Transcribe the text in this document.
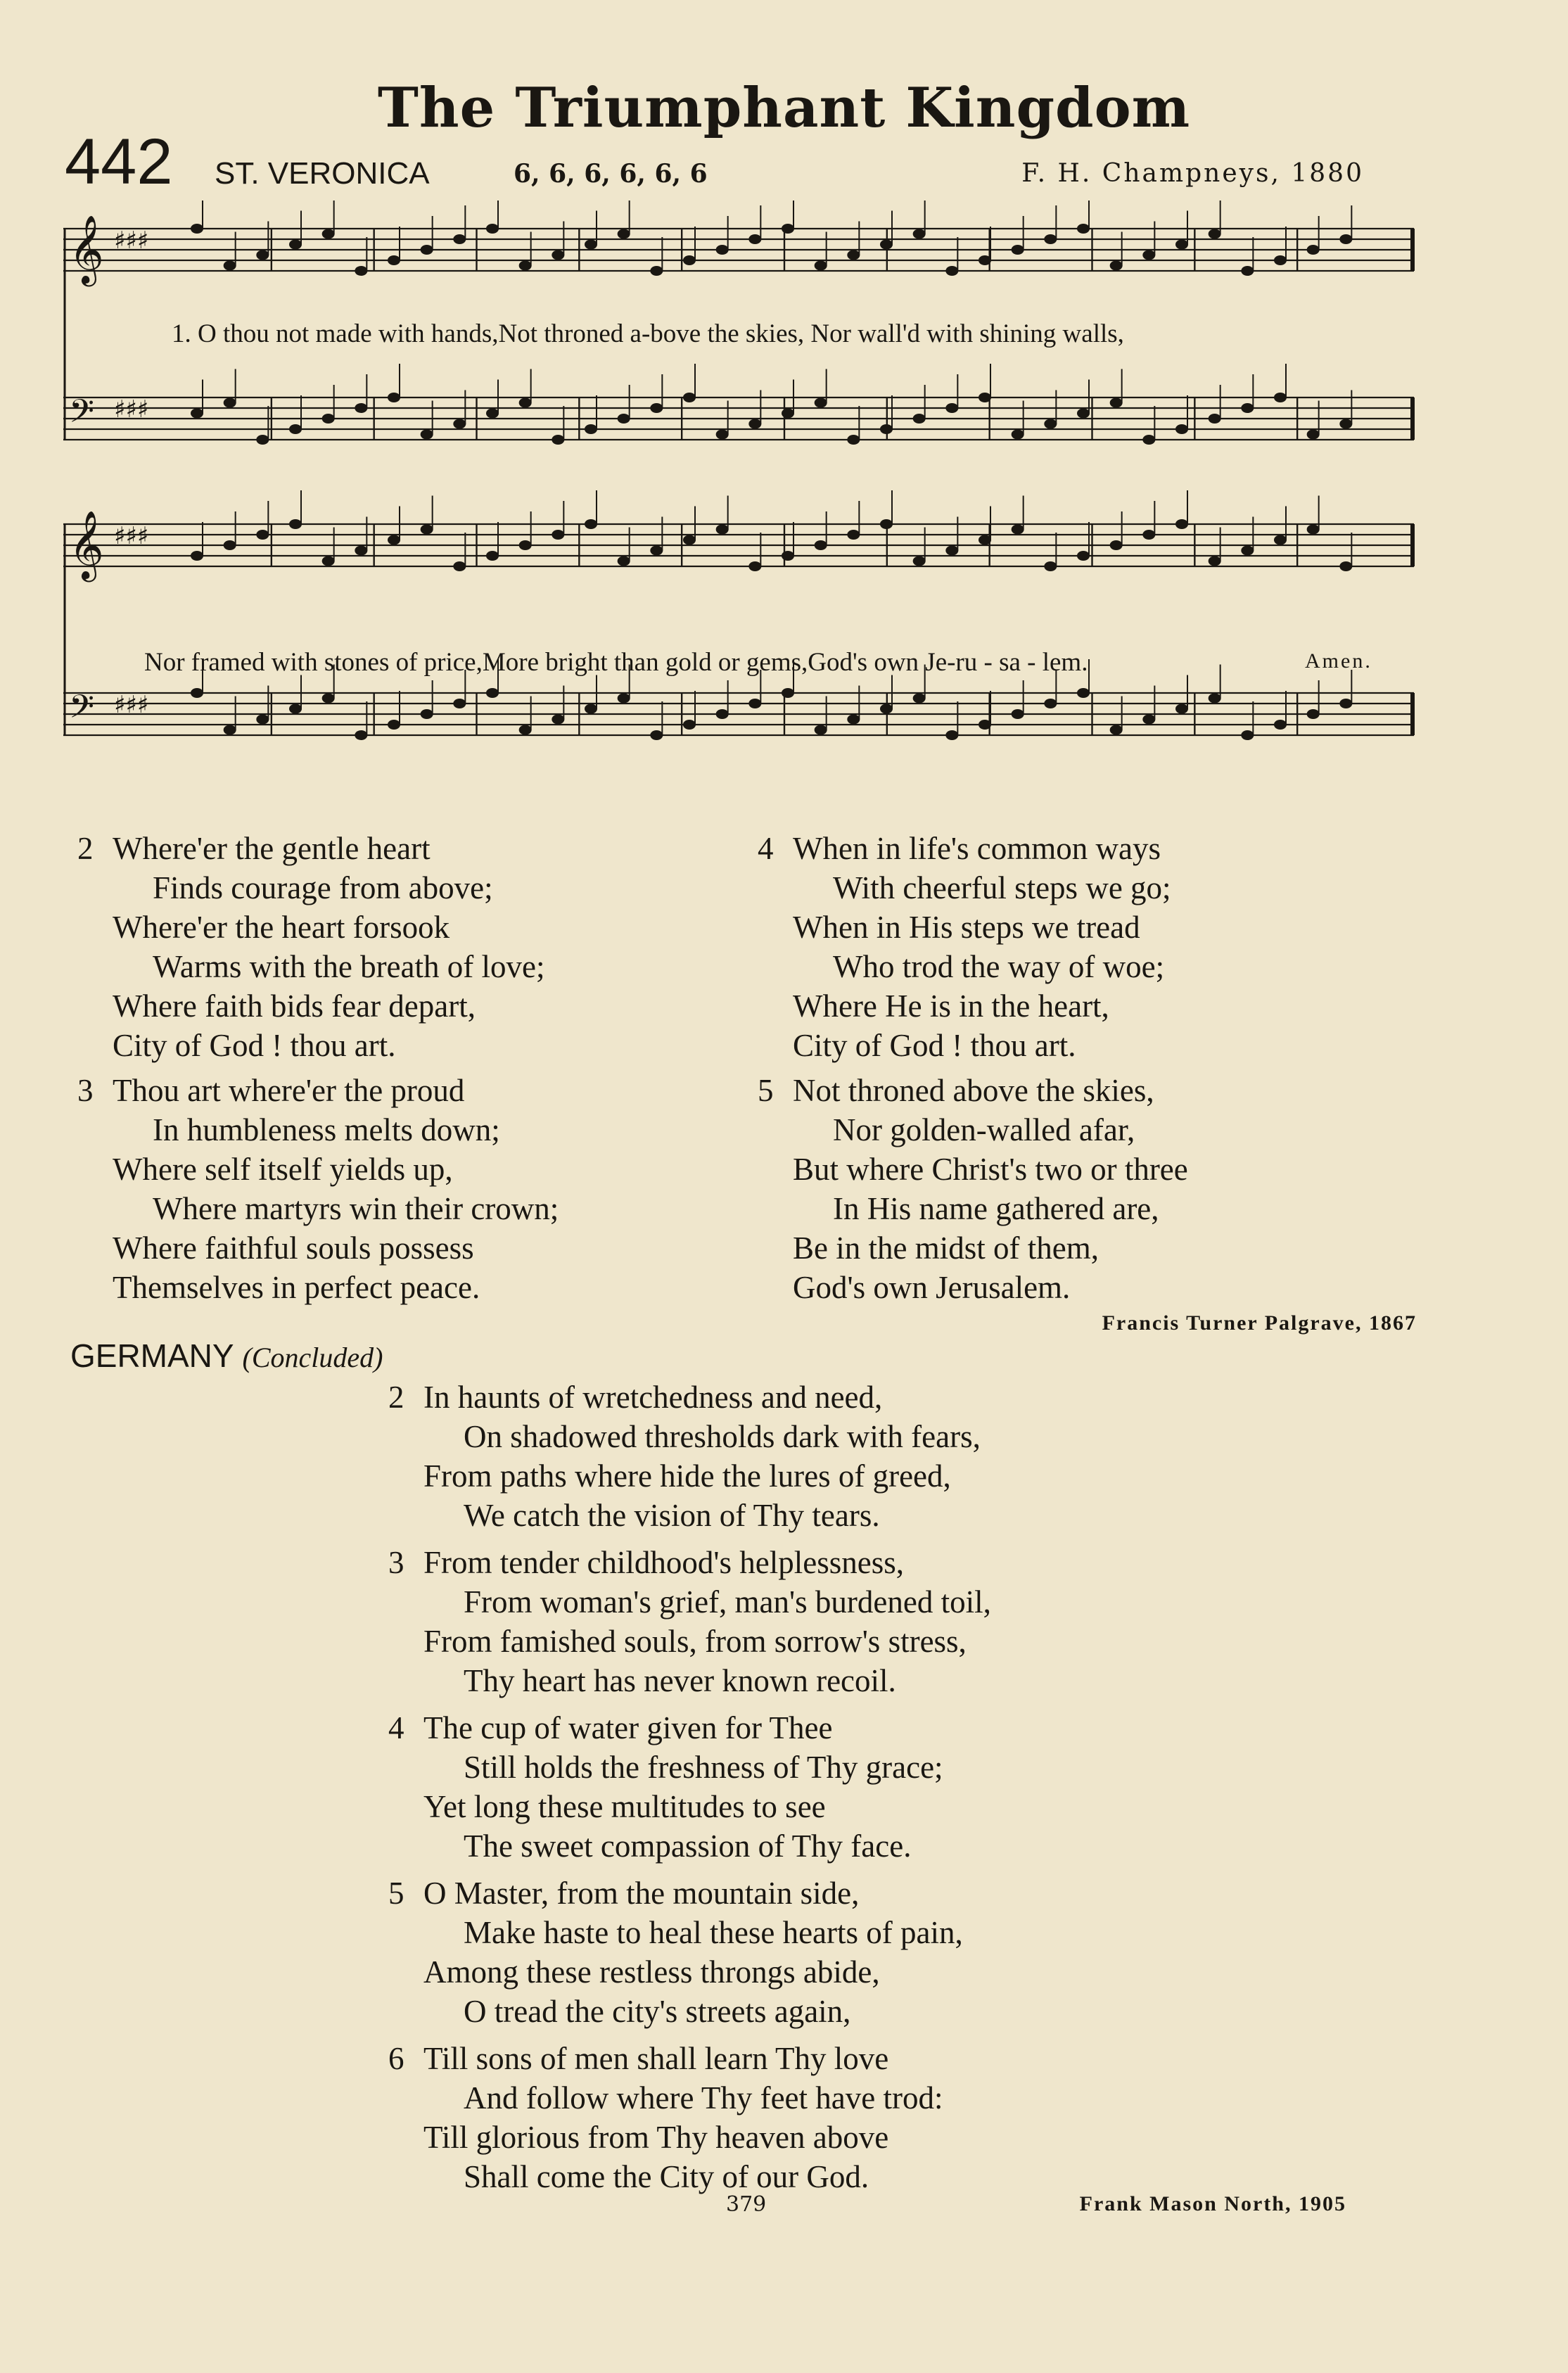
The Triumphant Kingdom
442 ST. VERONICA	6, 6, 6, 6, 6, 6	F. H. Champneys, 1880
𝄞 ♯♯♯
𝄢 ♯♯♯
𝄞 ♯♯♯
𝄢 ♯♯♯
1. O thou not made with hands,Not throned a-bove the skies, Nor wall'd with shining walls,
Nor framed with stones of price,More bright than gold or gems,God's own Je-ru - sa - lem.	Amen.
2 Where'er the gentle heart
Finds courage from above;
Where'er the heart forsook
Warms with the breath of love;
Where faith bids fear depart,
City of God ! thou art.
3 Thou art where'er the proud
In humbleness melts down;
Where self itself yields up,
Where martyrs win their crown;
Where faithful souls possess
Themselves in perfect peace.
4 When in life's common ways
With cheerful steps we go;
When in His steps we tread
Who trod the way of woe;
Where He is in the heart,
City of God ! thou art.
5 Not throned above the skies,
Nor golden-walled afar,
But where Christ's two or three
In His name gathered are,
Be in the midst of them,
God's own Jerusalem.
Francis Turner Palgrave, 1867
GERMANY (Concluded)
2 In haunts of wretchedness and need,
On shadowed thresholds dark with fears,
From paths where hide the lures of greed,
We catch the vision of Thy tears.
3 From tender childhood's helplessness,
From woman's grief, man's burdened toil,
From famished souls, from sorrow's stress,
Thy heart has never known recoil.
4 The cup of water given for Thee
Still holds the freshness of Thy grace;
Yet long these multitudes to see
The sweet compassion of Thy face.
5 O Master, from the mountain side,
Make haste to heal these hearts of pain,
Among these restless throngs abide,
O tread the city's streets again,
6 Till sons of men shall learn Thy love
And follow where Thy feet have trod:
Till glorious from Thy heaven above
Shall come the City of our God.
379	Frank Mason North, 1905
